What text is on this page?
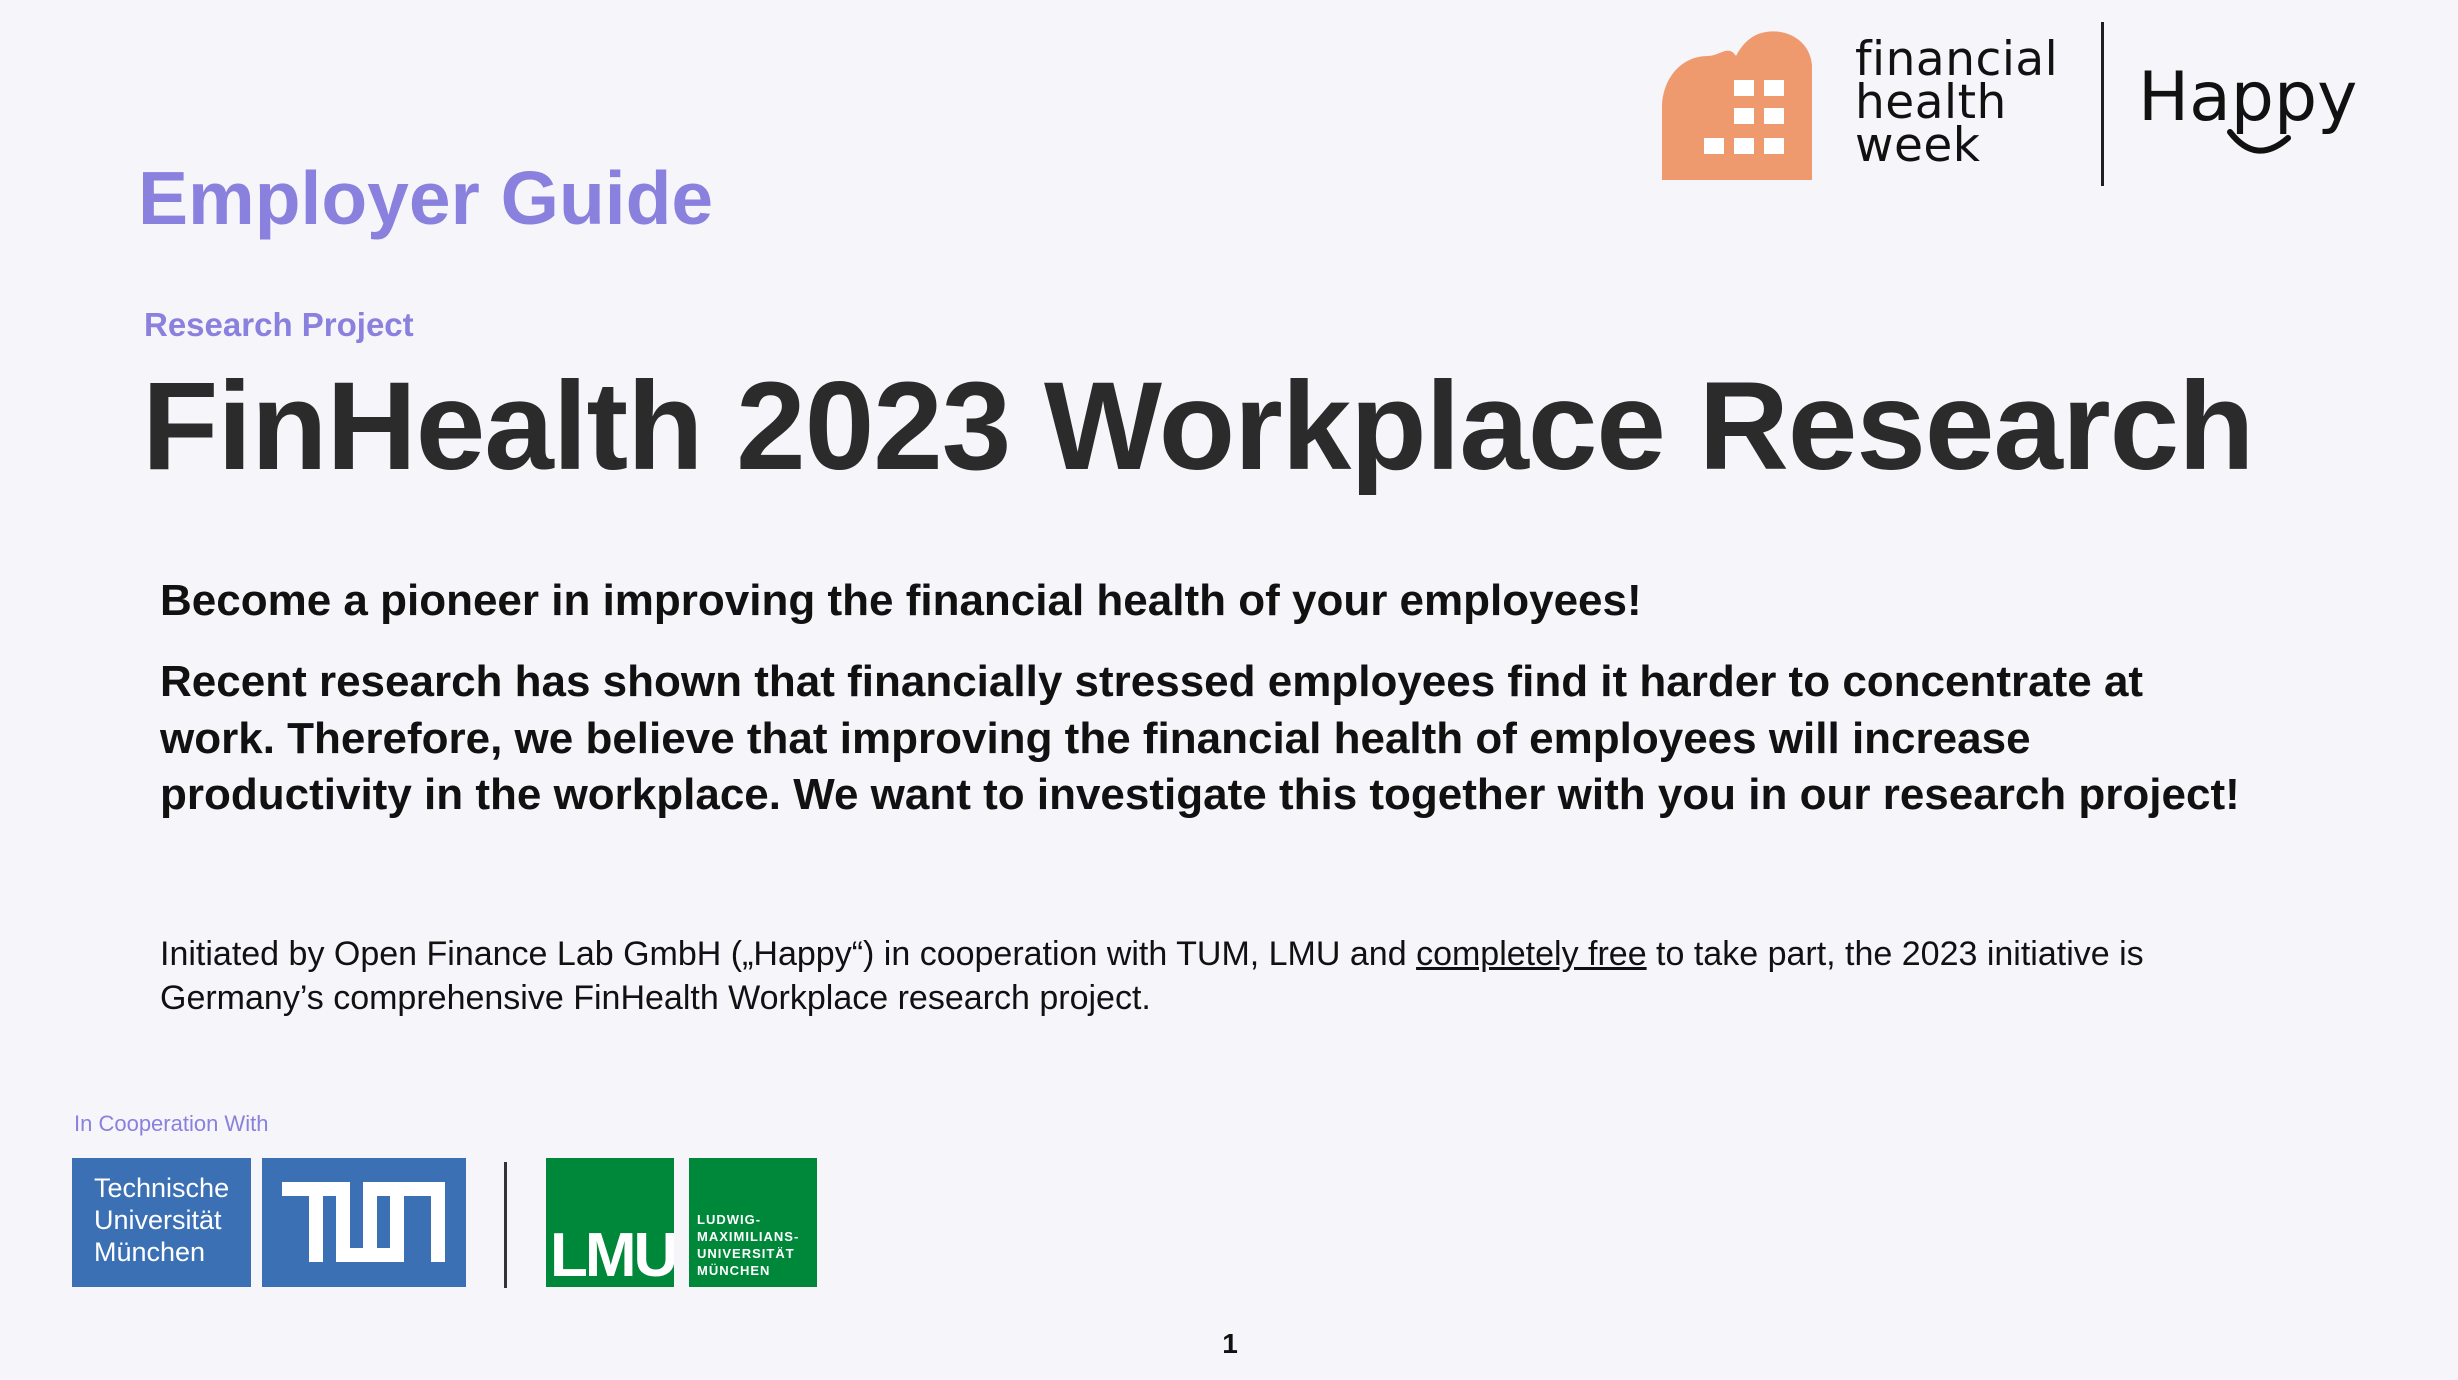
financial
health
week
Happy
Employer Guide
Research Project
FinHealth 2023 Workplace Research
Become a pioneer in improving the financial health of your employees!
Recent research has shown that financially stressed employees find it harder to concentrate at work. Therefore, we believe that improving the financial health of employees will increase productivity in the workplace. We want to investigate this together with you in our research project!
Initiated by Open Finance Lab GmbH („Happy“) in cooperation with TUM, LMU and completely free to take part, the 2023 initiative is Germany’s comprehensive FinHealth Workplace research project.
In Cooperation With
Technische
Universität
München	LMU
LUDWIG-
MAXIMILIANS-
UNIVERSITÄT
MÜNCHEN
1
